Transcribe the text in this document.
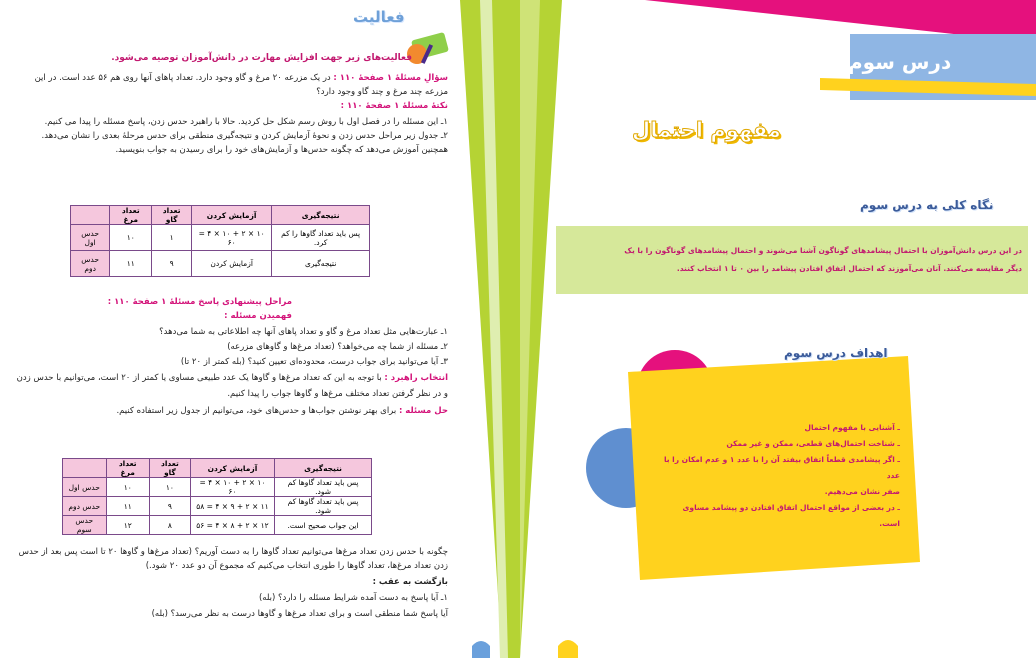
فعالیت
فعالیت‌های زیر جهت افزایش مهارت در دانش‌آموزان توصیه می‌شود.
سؤالِ مسئلهٔ ۱ صفحهٔ ۱۱۰ : در یک مزرعه ۲۰ مرغ و گاو وجود دارد. تعداد پاهای آنها روی هم ۵۶ عدد است. در این
مزرعه چند مرغ و چند گاو وجود دارد؟
نکتهٔ مسئلهٔ ۱ صفحهٔ ۱۱۰ :
۱ـ این مسئله را در فصل اول با روش رسم شکل حل کردید. حالا با راهبرد حدس زدن، پاسخ مسئله را پیدا می کنیم.
۲ـ جدول زیر مراحل حدس زدن و نحوهٔ آزمایش کردن و نتیجه‌گیری منطقی برای حدس مرحلهٔ بعدی را نشان می‌دهد.
همچنین آموزش می‌دهد که چگونه حدس‌ها و آزمایش‌های خود را برای رسیدن به جواب بنویسید.
نتیجه‌گیری	آزمایش کردن	تعداد گاو	تعداد مرغ	
پس باید تعداد گاوها را کم کرد.	۱۰ × ۲ + ۱۰ × ۴ = ۶۰	۱	۱۰	حدس اول
نتیجه‌گیری	آزمایش کردن	۹	۱۱	حدس دوم
مراحل پیشنهادی پاسخ مسئلهٔ ۱ صفحهٔ ۱۱۰ :
فهمیدن مسئله :
۱ـ عبارت‌هایی مثل تعداد مرغ و گاو و تعداد پاهای آنها چه اطلاعاتی به شما می‌دهد؟
۲ـ مسئله از شما چه می‌خواهد؟ (تعداد مرغ‌ها و گاوهای مزرعه)
۳ـ آیا می‌توانید برای جواب درست، محدوده‌ای تعیین کنید؟ (بله کمتر از ۲۰ تا)
انتخاب راهبرد : با توجه به این که تعداد مرغ‌ها و گاوها یک عدد طبیعی مساوی یا کمتر از ۲۰ است، می‌توانیم با حدس زدن
و در نظر گرفتن تعداد مختلف مرغ‌ها و گاوها جواب را پیدا کنیم.
حل مسئله : برای بهتر نوشتن جواب‌ها و حدس‌های خود، می‌توانیم از جدول زیر استفاده کنیم.
نتیجه‌گیری	آزمایش کردن	تعداد گاو	تعداد مرغ	
پس باید تعداد گاوها کم شود.	۱۰ × ۲ + ۱۰ × ۴ = ۶۰	۱۰	۱۰	حدس اول
پس باید تعداد گاوها کم شود.	۱۱ × ۲ + ۹ × ۴ = ۵۸	۹	۱۱	حدس دوم
این جواب صحیح است.	۱۲ × ۲ + ۸ × ۴ = ۵۶	۸	۱۲	حدس سوم
چگونه با حدس زدن تعداد مرغ‌ها می‌توانیم تعداد گاوها را به دست آوریم؟ (تعداد مرغ‌ها و گاوها ۲۰ تا است پس بعد از حدس
زدن تعداد مرغ‌ها، تعداد گاوها را طوری انتخاب می‌کنیم که مجموع آن دو عدد ۲۰ شود.)
بازگشت به عقب :
۱ـ آیا پاسخ به دست آمده شرایط مسئله را دارد؟ (بله)
آیا پاسخ شما منطقی است و برای تعداد مرغ‌ها و گاوها درست به نظر می‌رسد؟ (بله)
درس سوم
مفهوم احتمال
نگاه کلی به درس سوم
در این درس دانش‌آموزان با احتمال پیشامدهای گوناگون آشنا می‌شوند و احتمال پیشامدهای گوناگون را با یک
دیگر مقایسه می‌کنند. آنان می‌آموزند که احتمال اتفاق افتادن پیشامد را بین ۰ تا ۱ انتخاب کنند.
اهداف درس سوم
ـ آشنایی با مفهوم احتمال
ـ شناخت احتمال‌های قطعی، ممکن و غیر ممکن
ـ اگر پیشامدی قطعاً اتفاق بیفتد آن را با عدد ۱ و عدم امکان را با عدد
صفر نشان می‌دهیم.
ـ در بعضی از مواقع احتمال اتفاق افتادن دو پیشامد مساوی است.
